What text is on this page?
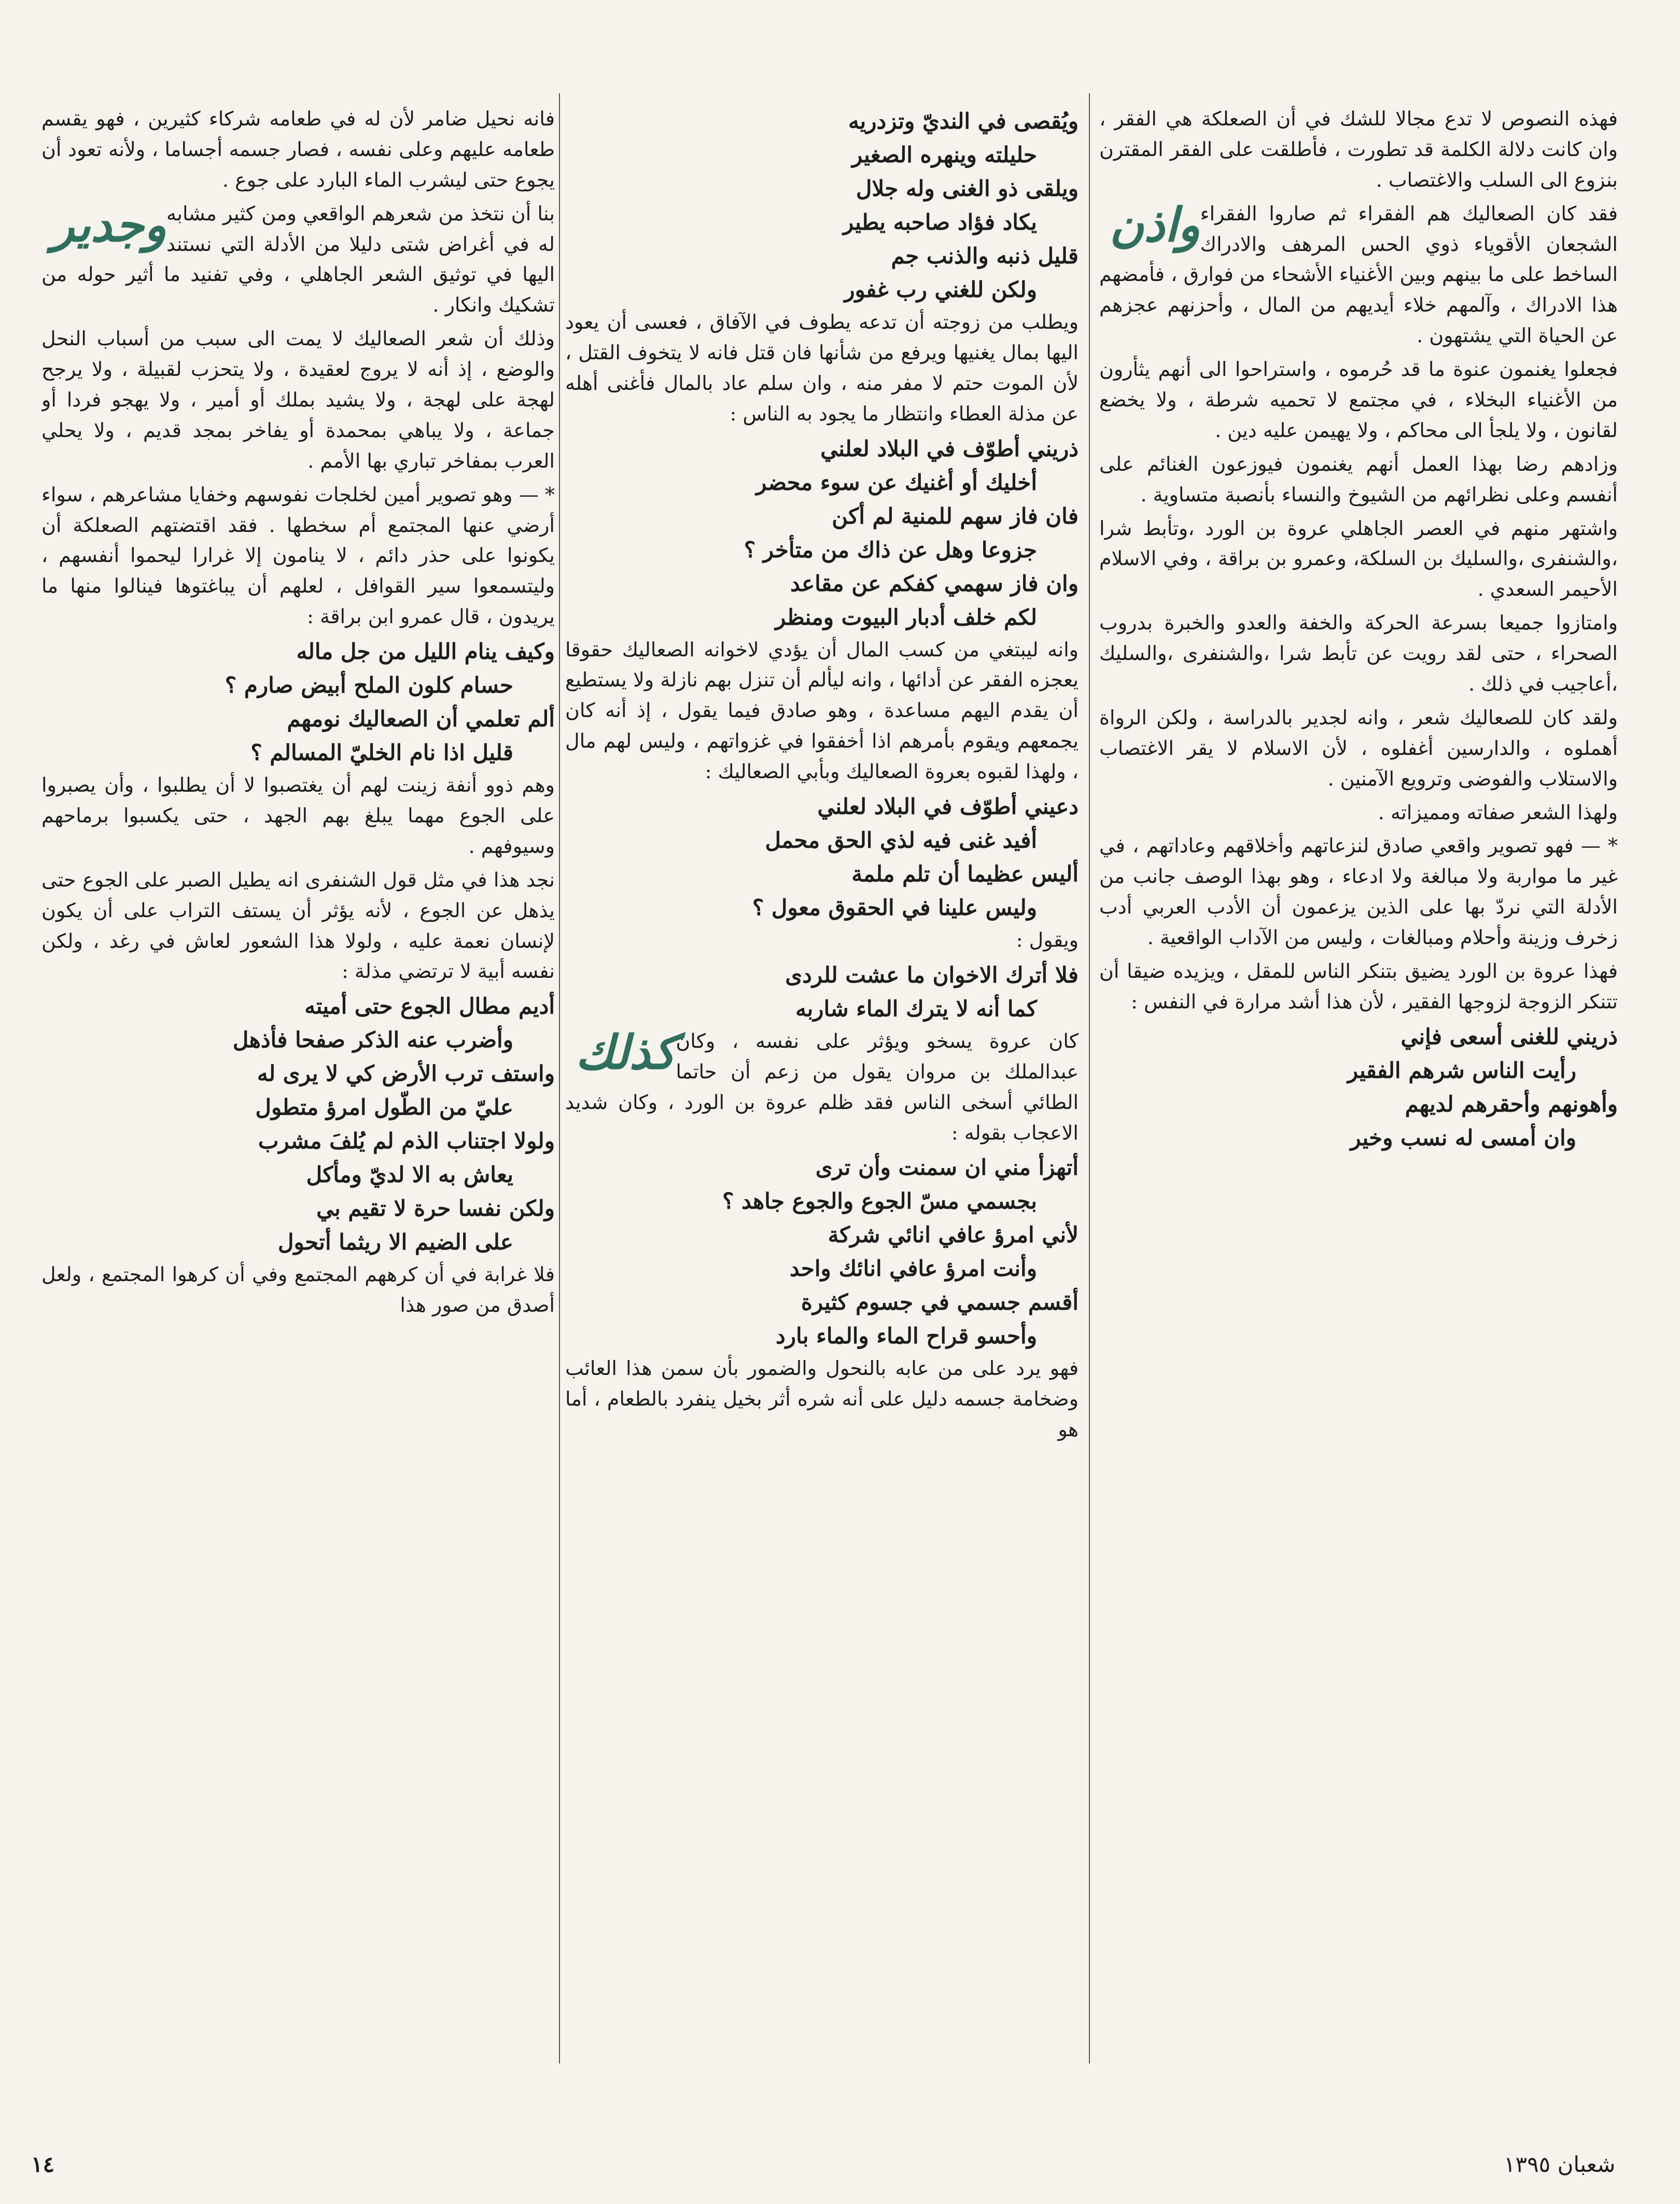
فهذه النصوص لا تدع مجالا للشك في أن الصعلكة هي الفقر ، وان كانت دلالة الكلمة قد تطورت ، فأطلقت على الفقر المقترن بنزوع الى السلب والاغتصاب .

واذن فقد كان الصعاليك هم الفقراء ثم صاروا الفقراء الشجعان الأقوياء ذوي الحس المرهف والادراك الساخط على ما بينهم وبين الأغنياء الأشحاء من فوارق ، فأمضهم هذا الادراك ، وآلمهم خلاء أيديهم من المال ، وأحزنهم عجزهم عن الحياة التي يشتهون .

فجعلوا يغنمون عنوة ما قد حُرموه ، واستراحوا الى أنهم يثأرون من الأغنياء البخلاء ، في مجتمع لا تحميه شرطة ، ولا يخضع لقانون ، ولا يلجأ الى محاكم ، ولا يهيمن عليه دين .

وزادهم رضا بهذا العمل أنهم يغنمون فيوزعون الغنائم على أنفسم وعلى نظرائهم من الشيوخ والنساء بأنصبة متساوية .

واشتهر منهم في العصر الجاهلي عروة بن الورد ،وتأبط شرا ،والشنفرى ،والسليك بن السلكة، وعمرو بن براقة ، وفي الاسلام الأحيمر السعدي .

وامتازوا جميعا بسرعة الحركة والخفة والعدو والخبرة بدروب الصحراء ، حتى لقد رويت عن تأبط شرا ،والشنفرى ،والسليك ،أعاجيب في ذلك .

ولقد كان للصعاليك شعر ، وانه لجدير بالدراسة ، ولكن الرواة أهملوه ، والدارسين أغفلوه ، لأن الاسلام لا يقر الاغتصاب والاستلاب والفوضى وترويع الآمنين .

ولهذا الشعر صفاته ومميزاته .

* — فهو تصوير واقعي صادق لنزعاتهم وأخلاقهم وعاداتهم ، في غير ما مواربة ولا مبالغة ولا ادعاء ، وهو بهذا الوصف جانب من الأدلة التي نردّ بها على الذين يزعمون أن الأدب العربي أدب زخرف وزينة وأحلام ومبالغات ، وليس من الآداب الواقعية .

فهذا عروة بن الورد يضيق بتنكر الناس للمقل ، ويزيده ضيقا أن تتنكر الزوجة لزوجها الفقير ، لأن هذا أشد مرارة في النفس :

ذريني للغنى أسعى فإني
رأيت الناس شرهم الفقير
وأهونهم وأحقرهم لديهم
وان أمسى له نسب وخير
ويُقصى في النديّ وتزدريه
حليلته وينهره الصغير
ويلقى ذو الغنى وله جلال
يكاد فؤاد صاحبه يطير
قليل ذنبه والذنب جم
ولكن للغني رب غفور

ويطلب من زوجته أن تدعه يطوف في الآفاق ، فعسى أن يعود اليها بمال يغنيها ويرفع من شأنها فان قتل فانه لا يتخوف القتل ، لأن الموت حتم لا مفر منه ، وان سلم عاد بالمال فأغنى أهله عن مذلة العطاء وانتظار ما يجود به الناس :

ذريني أطوّف في البلاد لعلني
أخليك أو أغنيك عن سوء محضر
فان فاز سهم للمنية لم أكن
جزوعا وهل عن ذاك من متأخر ؟
وان فاز سهمي كفكم عن مقاعد
لكم خلف أدبار البيوت ومنظر

وانه ليبتغي من كسب المال أن يؤدي لاخوانه الصعاليك حقوقا يعجزه الفقر عن أدائها ، وانه ليألم أن تنزل بهم نازلة ولا يستطيع أن يقدم اليهم مساعدة ، وهو صادق فيما يقول ، إذ أنه كان يجمعهم ويقوم بأمرهم اذا أخفقوا في غزواتهم ، وليس لهم مال ، ولهذا لقبوه بعروة الصعاليك وبأبي الصعاليك :

دعيني أطوّف في البلاد لعلني
أفيد غنى فيه لذي الحق محمل
أليس عظيما أن تلم ملمة
وليس علينا في الحقوق معول ؟

ويقول :

فلا أترك الاخوان ما عشت للردى
كما أنه لا يترك الماء شاربه
كذلك كان عروة يسخو ويؤثر على نفسه ، وكان عبدالملك بن مروان يقول من زعم أن حاتما الطائي أسخى الناس فقد ظلم عروة بن الورد ، وكان شديد الاعجاب بقوله :

أتهزأ مني ان سمنت وأن ترى
بجسمي مسّ الجوع والجوع جاهد ؟
لأني امرؤ عافي انائي شركة
وأنت امرؤ عافي انائك واحد
أقسم جسمي في جسوم كثيرة
وأحسو قراح الماء والماء بارد

فهو يرد على من عابه بالنحول والضمور بأن سمن هذا العائب وضخامة جسمه دليل على أنه شره أثر بخيل ينفرد بالطعام ، أما هو

فانه نحيل ضامر لأن له في طعامه شركاء كثيرين ، فهو يقسم طعامه عليهم وعلى نفسه ، فصار جسمه أجساما ، ولأنه تعود أن يجوع حتى ليشرب الماء البارد على جوع .

وجدير بنا أن نتخذ من شعرهم الواقعي ومن كثير مشابه له في أغراض شتى دليلا من الأدلة التي نستند اليها في توثيق الشعر الجاهلي ، وفي تفنيد ما أثير حوله من تشكيك وانكار .

وذلك أن شعر الصعاليك لا يمت الى سبب من أسباب النحل والوضع ، إذ أنه لا يروج لعقيدة ، ولا يتحزب لقبيلة ، ولا يرجح لهجة على لهجة ، ولا يشيد بملك أو أمير ، ولا يهجو فردا أو جماعة ، ولا يباهي بمحمدة أو يفاخر بمجد قديم ، ولا يحلي العرب بمفاخر تباري بها الأمم .

* — وهو تصوير أمين لخلجات نفوسهم وخفايا مشاعرهم ، سواء أرضي عنها المجتمع أم سخطها . فقد اقتضتهم الصعلكة أن يكونوا على حذر دائم ، لا ينامون إلا غرارا ليحموا أنفسهم ، وليتسمعوا سير القوافل ، لعلهم أن يباغتوها فينالوا منها ما يريدون ، قال عمرو ابن براقة :

وكيف ينام الليل من جل ماله
حسام كلون الملح أبيض صارم ؟
ألم تعلمي أن الصعاليك نومهم
قليل اذا نام الخليّ المسالم ؟

وهم ذوو أنفة زينت لهم أن يغتصبوا لا أن يطلبوا ، وأن يصبروا على الجوع مهما يبلغ بهم الجهد ، حتى يكسبوا برماحهم وسيوفهم .

نجد هذا في مثل قول الشنفرى انه يطيل الصبر على الجوع حتى يذهل عن الجوع ، لأنه يؤثر أن يستف التراب على أن يكون لإنسان نعمة عليه ، ولولا هذا الشعور لعاش في رغد ، ولكن نفسه أبية لا ترتضي مذلة :

أديم مطال الجوع حتى أميته
وأضرب عنه الذكر صفحا فأذهل
واستف ترب الأرض كي لا يرى له
عليّ من الطّول امرؤ متطول
ولولا اجتناب الذم لم يُلفَ مشرب
يعاش به الا لديّ ومأكل
ولكن نفسا حرة لا تقيم بي
على الضيم الا ريثما أتحول

فلا غرابة في أن كرههم المجتمع وفي أن كرهوا المجتمع ، ولعل أصدق من صور هذا

١٤	شعبان ١٣٩٥
